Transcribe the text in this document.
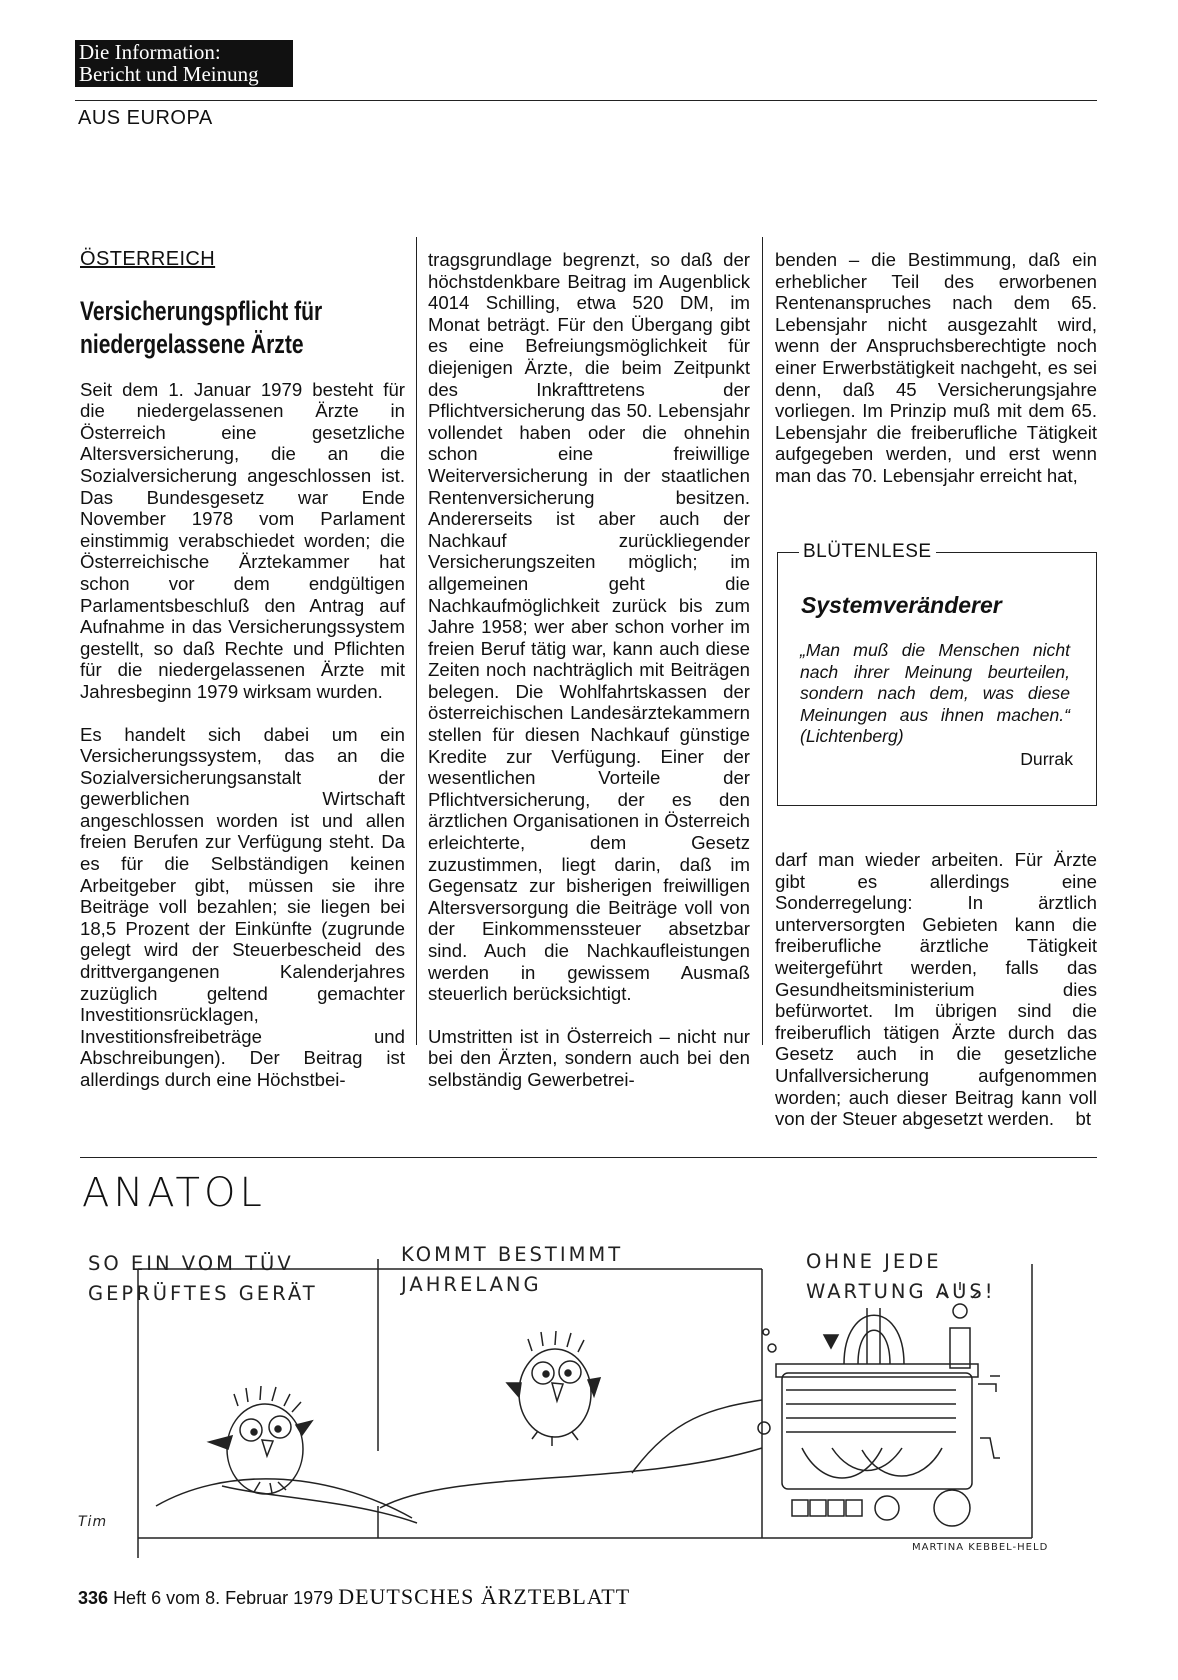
Die Information:
Bericht und Meinung
AUS EUROPA
ÖSTERREICH
Versicherungspflicht für
niedergelassene Ärzte

Seit dem 1. Januar 1979 besteht für die niedergelassenen Ärzte in Österreich eine gesetzliche Altersversicherung, die an die Sozialversicherung angeschlossen ist. Das Bundesgesetz war Ende November 1978 vom Parlament einstimmig verabschiedet worden; die Österreichische Ärztekammer hat schon vor dem endgültigen Parlamentsbeschluß den Antrag auf Aufnahme in das Versicherungssystem gestellt, so daß Rechte und Pflichten für die niedergelassenen Ärzte mit Jahresbeginn 1979 wirksam wurden.

Es handelt sich dabei um ein Versicherungssystem, das an die Sozialversicherungsanstalt der gewerblichen Wirtschaft angeschlossen worden ist und allen freien Berufen zur Verfügung steht. Da es für die Selbständigen keinen Arbeitgeber gibt, müssen sie ihre Beiträge voll bezahlen; sie liegen bei 18,5 Prozent der Einkünfte (zugrunde gelegt wird der Steuerbescheid des drittvergangenen Kalenderjahres zuzüglich geltend gemachter Investitionsrücklagen, Investitionsfreibeträge und Abschreibungen). Der Beitrag ist allerdings durch eine Höchstbei-

tragsgrundlage begrenzt, so daß der höchstdenkbare Beitrag im Augenblick 4014 Schilling, etwa 520 DM, im Monat beträgt. Für den Übergang gibt es eine Befreiungsmöglichkeit für diejenigen Ärzte, die beim Zeitpunkt des Inkrafttretens der Pflichtversicherung das 50. Lebensjahr vollendet haben oder die ohnehin schon eine freiwillige Weiterversicherung in der staatlichen Rentenversicherung besitzen. Andererseits ist aber auch der Nachkauf zurückliegender Versicherungszeiten möglich; im allgemeinen geht die Nachkaufmöglichkeit zurück bis zum Jahre 1958; wer aber schon vorher im freien Beruf tätig war, kann auch diese Zeiten noch nachträglich mit Beiträgen belegen. Die Wohlfahrtskassen der österreichischen Landesärztekammern stellen für diesen Nachkauf günstige Kredite zur Verfügung. Einer der wesentlichen Vorteile der Pflichtversicherung, der es den ärztlichen Organisationen in Österreich erleichterte, dem Gesetz zuzustimmen, liegt darin, daß im Gegensatz zur bisherigen freiwilligen Altersversorgung die Beiträge voll von der Einkommenssteuer absetzbar sind. Auch die Nachkaufleistungen werden in gewissem Ausmaß steuerlich berücksichtigt.

Umstritten ist in Österreich – nicht nur bei den Ärzten, sondern auch bei den selbständig Gewerbetrei-

benden – die Bestimmung, daß ein erheblicher Teil des erworbenen Rentenanspruches nach dem 65. Lebensjahr nicht ausgezahlt wird, wenn der Anspruchsberechtigte noch einer Erwerbstätigkeit nachgeht, es sei denn, daß 45 Versicherungsjahre vorliegen. Im Prinzip muß mit dem 65. Lebensjahr die freiberufliche Tätigkeit aufgegeben werden, und erst wenn man das 70. Lebensjahr erreicht hat,

BLÜTENLESE
Systemveränderer
„Man muß die Menschen nicht nach ihrer Meinung beurteilen, sondern nach dem, was diese Meinungen aus ihnen machen.“ (Lichtenberg)
Durrak

darf man wieder arbeiten. Für Ärzte gibt es allerdings eine Sonderregelung: In ärztlich unterversorgten Gebieten kann die freiberufliche ärztliche Tätigkeit weitergeführt werden, falls das Gesundheitsministerium dies befürwortet. Im übrigen sind die freiberuflich tätigen Ärzte durch das Gesetz auch in die gesetzliche Unfallversicherung aufgenommen worden; auch dieser Beitrag kann voll von der Steuer abgesetzt werden. bt

ANATOL
SO EIN VOM TÜV
GEPRÜFTES GERÄT
KOMMT BESTIMMT
JAHRELANG
OHNE JEDE
WARTUNG AUS!
Tim
MARTINA KEBBEL-HELD
336 Heft 6 vom 8. Februar 1979 DEUTSCHES ÄRZTEBLATT
